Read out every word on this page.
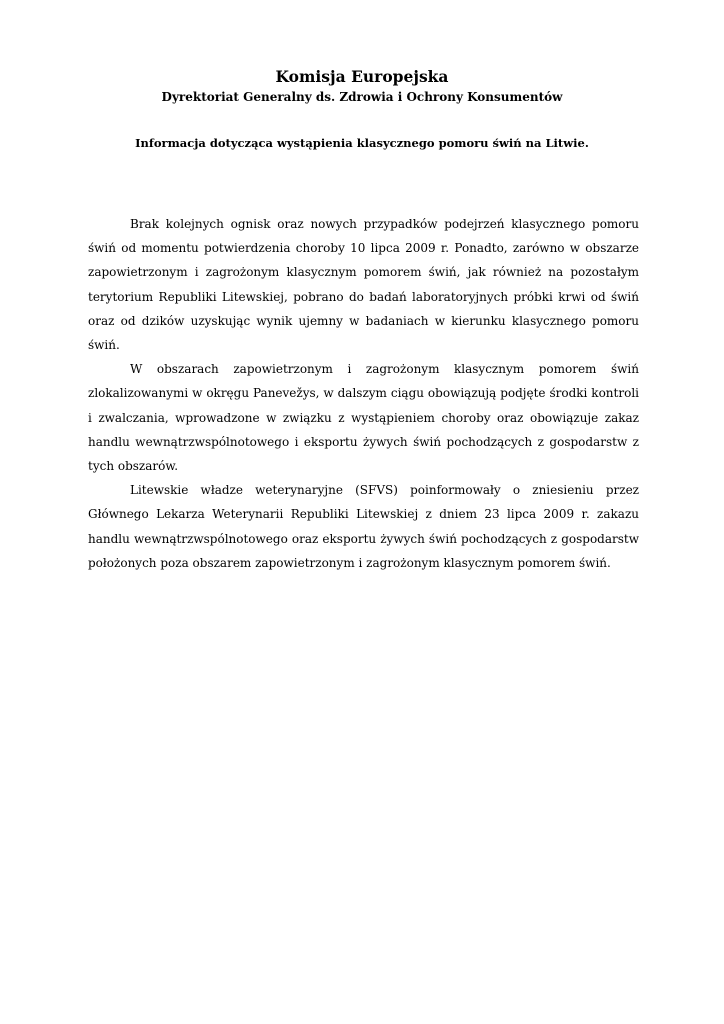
Komisja Europejska
Dyrektoriat Generalny ds. Zdrowia i Ochrony Konsumentów
Informacja dotycząca wystąpienia klasycznego pomoru świń na Litwie.

Brak kolejnych ognisk oraz nowych przypadków podejrzeń klasycznego pomoru świń od momentu potwierdzenia choroby 10 lipca 2009 r. Ponadto, zarówno w obszarze zapowietrzonym i zagrożonym klasycznym pomorem świń, jak również na pozostałym terytorium Republiki Litewskiej, pobrano do badań laboratoryjnych próbki krwi od świń oraz od dzików uzyskując wynik ujemny w badaniach w kierunku klasycznego pomoru świń.

W obszarach zapowietrzonym i zagrożonym klasycznym pomorem świń zlokalizowanymi w okręgu Panevežys, w dalszym ciągu obowiązują podjęte środki kontroli i zwalczania, wprowadzone w związku z wystąpieniem choroby oraz obowiązuje zakaz handlu wewnątrzwspólnotowego i eksportu żywych świń pochodzących z gospodarstw z tych obszarów.

Litewskie władze weterynaryjne (SFVS) poinformowały o zniesieniu przez Głównego Lekarza Weterynarii Republiki Litewskiej z dniem 23 lipca 2009 r. zakazu handlu wewnątrzwspólnotowego oraz eksportu żywych świń pochodzących z gospodarstw położonych poza obszarem zapowietrzonym i zagrożonym klasycznym pomorem świń.
